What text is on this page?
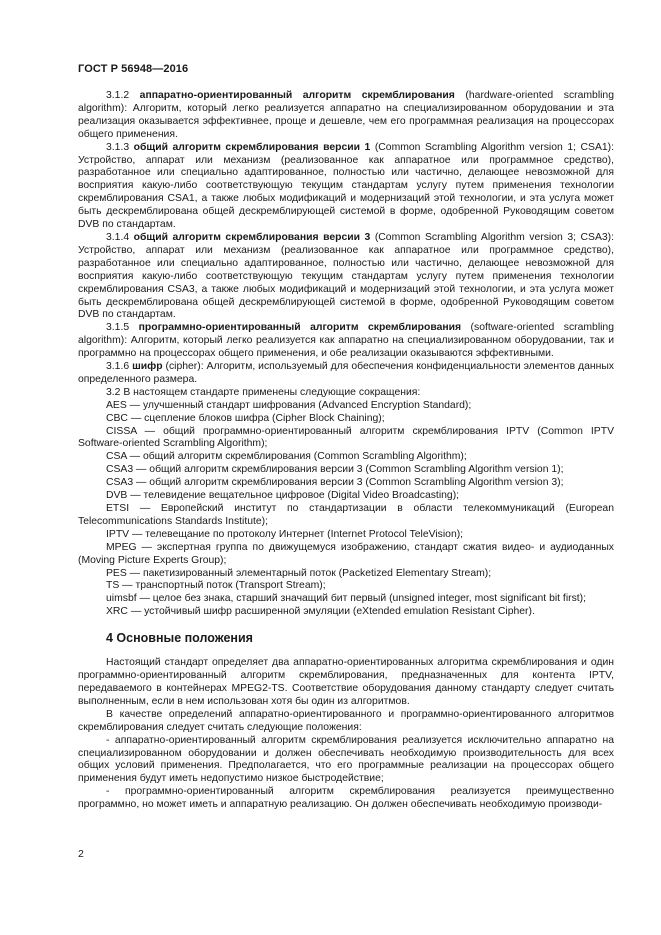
ГОСТ Р 56948—2016

3.1.2 аппаратно-ориентированный алгоритм скремблирования (hardware-oriented scrambling algorithm): Алгоритм, который легко реализуется аппаратно на специализированном оборудовании и эта реализация оказывается эффективнее, проще и дешевле, чем его программная реализация на процессорах общего применения.

3.1.3 общий алгоритм скремблирования версии 1 (Common Scrambling Algorithm version 1; CSA1): Устройство, аппарат или механизм (реализованное как аппаратное или программное средство), разработанное или специально адаптированное, полностью или частично, делающее невозможной для восприятия какую-либо соответствующую текущим стандартам услугу путем применения технологии скремблирования CSA1, а также любых модификаций и модернизаций этой технологии, и эта услуга может быть дескремблирована общей дескремблирующей системой в форме, одобренной Руководящим советом DVB по стандартам.

3.1.4 общий алгоритм скремблирования версии 3 (Common Scrambling Algorithm version 3; CSA3): Устройство, аппарат или механизм (реализованное как аппаратное или программное средство), разработанное или специально адаптированное, полностью или частично, делающее невозможной для восприятия какую-либо соответствующую текущим стандартам услугу путем применения технологии скремблирования CSA3, а также любых модификаций и модернизаций этой технологии, и эта услуга может быть дескремблирована общей дескремблирующей системой в форме, одобренной Руководящим советом DVB по стандартам.

3.1.5 программно-ориентированный алгоритм скремблирования (software-oriented scrambling algorithm): Алгоритм, который легко реализуется как аппаратно на специализированном оборудовании, так и программно на процессорах общего применения, и обе реализации оказываются эффективными.

3.1.6 шифр (cipher): Алгоритм, используемый для обеспечения конфиденциальности элементов данных определенного размера.

3.2 В настоящем стандарте применены следующие сокращения:

AES — улучшенный стандарт шифрования (Advanced Encryption Standard);

CBC — сцепление блоков шифра (Cipher Block Chaining);

CISSA — общий программно-ориентированный алгоритм скремблирования IPTV (Common IPTV Software-oriented Scrambling Algorithm);

CSA — общий алгоритм скремблирования (Common Scrambling Algorithm);

CSA3 — общий алгоритм скремблирования версии 3 (Common Scrambling Algorithm version 1);

CSA3 — общий алгоритм скремблирования версии 3 (Common Scrambling Algorithm version 3);

DVB — телевидение вещательное цифровое (Digital Video Broadcasting);

ETSI — Европейский институт по стандартизации в области телекоммуникаций (European Telecommunications Standards Institute);

IPTV — телевещание по протоколу Интернет (Internet Protocol TeleVision);

MPEG — экспертная группа по движущемуся изображению, стандарт сжатия видео- и аудиоданных (Moving Picture Experts Group);

PES — пакетизированный элементарный поток (Packetized Elementary Stream);

TS — транспортный поток (Transport Stream);

uimsbf — целое без знака, старший значащий бит первый (unsigned integer, most significant bit first);

XRC — устойчивый шифр расширенной эмуляции (eXtended emulation Resistant Cipher).

4 Основные положения

Настоящий стандарт определяет два аппаратно-ориентированных алгоритма скремблирования и один программно-ориентированный алгоритм скремблирования, предназначенных для контента IPTV, передаваемого в контейнерах MPEG2-TS. Соответствие оборудования данному стандарту следует считать выполненным, если в нем использован хотя бы один из алгоритмов.

В качестве определений аппаратно-ориентированного и программно-ориентированного алгоритмов скремблирования следует считать следующие положения:

- аппаратно-ориентированный алгоритм скремблирования реализуется исключительно аппаратно на специализированном оборудовании и должен обеспечивать необходимую производительность для всех общих условий применения. Предполагается, что его программные реализации на процессорах общего применения будут иметь недопустимо низкое быстродействие;

- программно-ориентированный алгоритм скремблирования реализуется преимущественно программно, но может иметь и аппаратную реализацию. Он должен обеспечивать необходимую производи-

2
